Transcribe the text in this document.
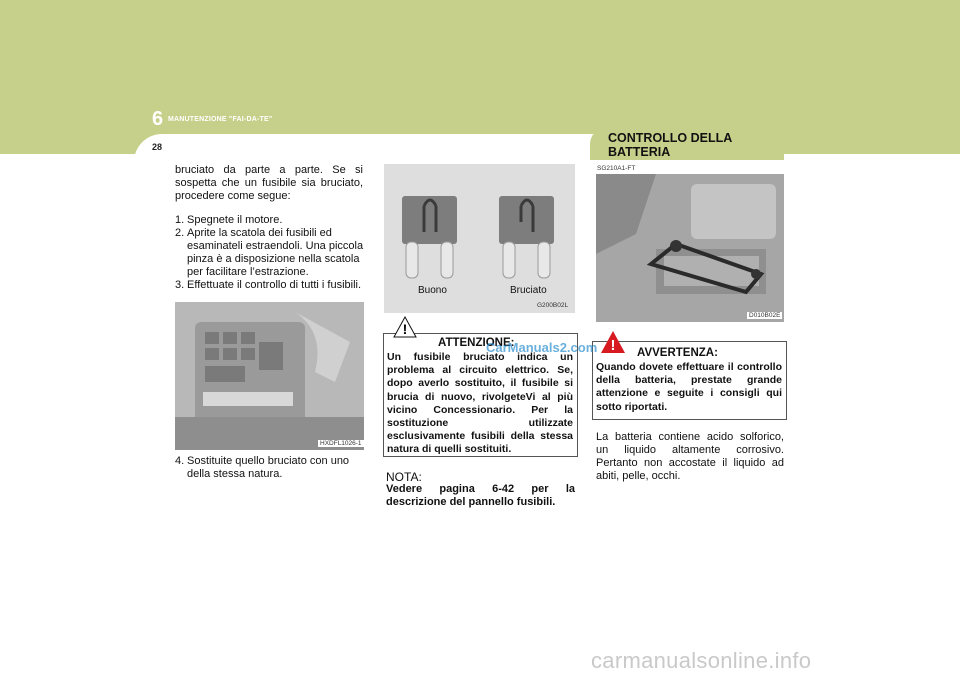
6 MANUTENZIONE "FAI-DA-TE"
28
CONTROLLO DELLA BATTERIA
bruciato da parte a parte. Se si sospetta che un fusibile sia bruciato, procedere come segue:
1. Spegnete il motore.
2. Aprite la scatola dei fusibili ed esaminateli estraendoli. Una piccola pinza è a disposizione nella scatola per facilitare l’estrazione.
3. Effettuate il controllo di tutti i fusibili.
HXDFL1026-1
4. Sostituite quello bruciato con uno della stessa natura.
Buono	Bruciato
G200B02L
!
ATTENZIONE:
Un fusibile bruciato indica un problema al circuito elettrico. Se, dopo averlo sostituito, il fusibile si brucia di nuovo, rivolgeteVi al più vicino Concessionario. Per la sostituzione utilizzate esclusivamente fusibili della stessa natura di quelli sostituiti.
NOTA:
Vedere pagina 6-42 per la descrizione del pannello fusibili.
SG210A1-FT
D010B02E
! AVVERTENZA:
Quando dovete effettuare il controllo della batteria, prestate grande attenzione e seguite i consigli qui sotto riportati.
La batteria contiene acido solforico, un liquido altamente corrosivo. Pertanto non accostate il liquido ad abiti, pelle, occhi.
CarManuals2.com
carmanualsonline.info
